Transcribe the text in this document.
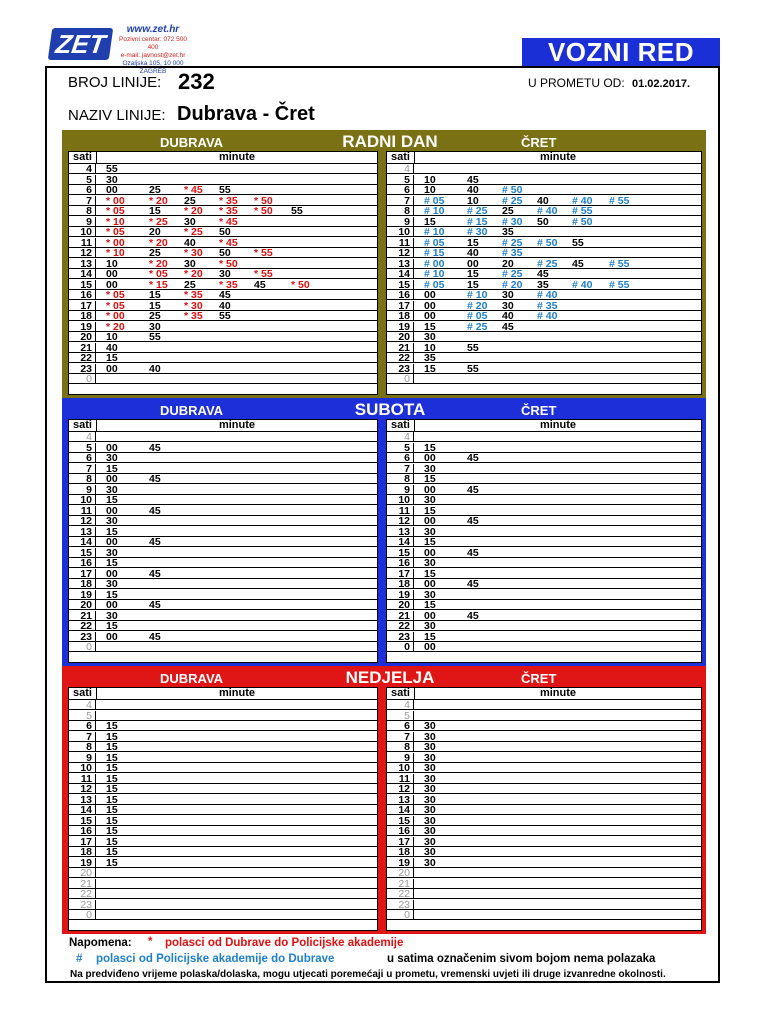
ZET	www.zet.hr
Pozivni centar: 072 500 400
e-mail: javnost@zet.hr
Ozaljska 105, 10 000 ZAGREB
VOZNI RED
BROJ LINIJE: 232
NAZIV LINIJE: Dubrava - Čret
U PROMETU OD: 01.02.2017.
DUBRAVA	RADNI DAN	ČRET
sati	minute
4	55
5	30
6	00	25 * 45 55
7	* 00 * 20 25 * 35 * 50
8	* 05 15 * 20 * 35 * 50 55
9	* 10 * 25 30 * 45
10	* 05 20 * 25 50
11	* 00 * 20 40 * 45
12	* 10 25 * 30 50 * 55
13	10	* 20 30 * 50
14	00	* 05 * 20 30 * 55
15	00	* 15 25 * 35 45 * 50
16	* 05 15 * 35 45
17	* 05 15 * 30 40
18	* 00 25 * 35 55
19	* 20 30
20	10	55
21	40
22	15
23	00	40
0
sati	minute
4
5	10	45
6	10	40 # 50
7	# 05 10 # 25 40 # 40 # 55
8	# 10 # 25 25 # 40 # 55
9	15	# 15 # 30 50 # 50
10	# 10 # 30 35
11	# 05 15 # 25 # 50 55
12	# 15 40 # 35
13	# 00 00 20 # 25 45 # 55
14	# 10 15 # 25 45
15	# 05 15 # 20 35 # 40 # 55
16	00	# 10 30 # 40
17	00	# 20 30 # 35
18	00	# 05 40 # 40
19	15	# 25 45
20	30
21	10	55
22	35
23	15	55
0
DUBRAVA	SUBOTA	ČRET
sati	minute
4
5	00	45
6	30
7	15
8	00	45
9	30
10	15
11	00	45
12	30
13	15
14	00	45
15	30
16	15
17	00	45
18	30
19	15
20	00	45
21	30
22	15
23	00	45
0
sati	minute
4
5	15
6	00	45
7	30
8	15
9	00	45
10	30
11	15
12	00	45
13	30
14	15
15	00	45
16	30
17	15
18	00	45
19	30
20	15
21	00	45
22	30
23	15
0	00
DUBRAVA	NEDJELJA	ČRET
sati	minute
4
5
6	15
7	15
8	15
9	15
10	15
11	15
12	15
13	15
14	15
15	15
16	15
17	15
18	15
19	15
20
21
22
23
0
sati	minute
4
5
6	30
7	30
8	30
9	30
10	30
11	30
12	30
13	30
14	30
15	30
16	30
17	30
18	30
19	30
20
21
22
23
0
Napomena: * polasci od Dubrave do Policijske akademije
# polasci od Policijske akademije do Dubrave	u satima označenim sivom bojom nema polazaka
Na predviđeno vrijeme polaska/dolaska, mogu utjecati poremećaji u prometu, vremenski uvjeti ili druge izvanredne okolnosti.
